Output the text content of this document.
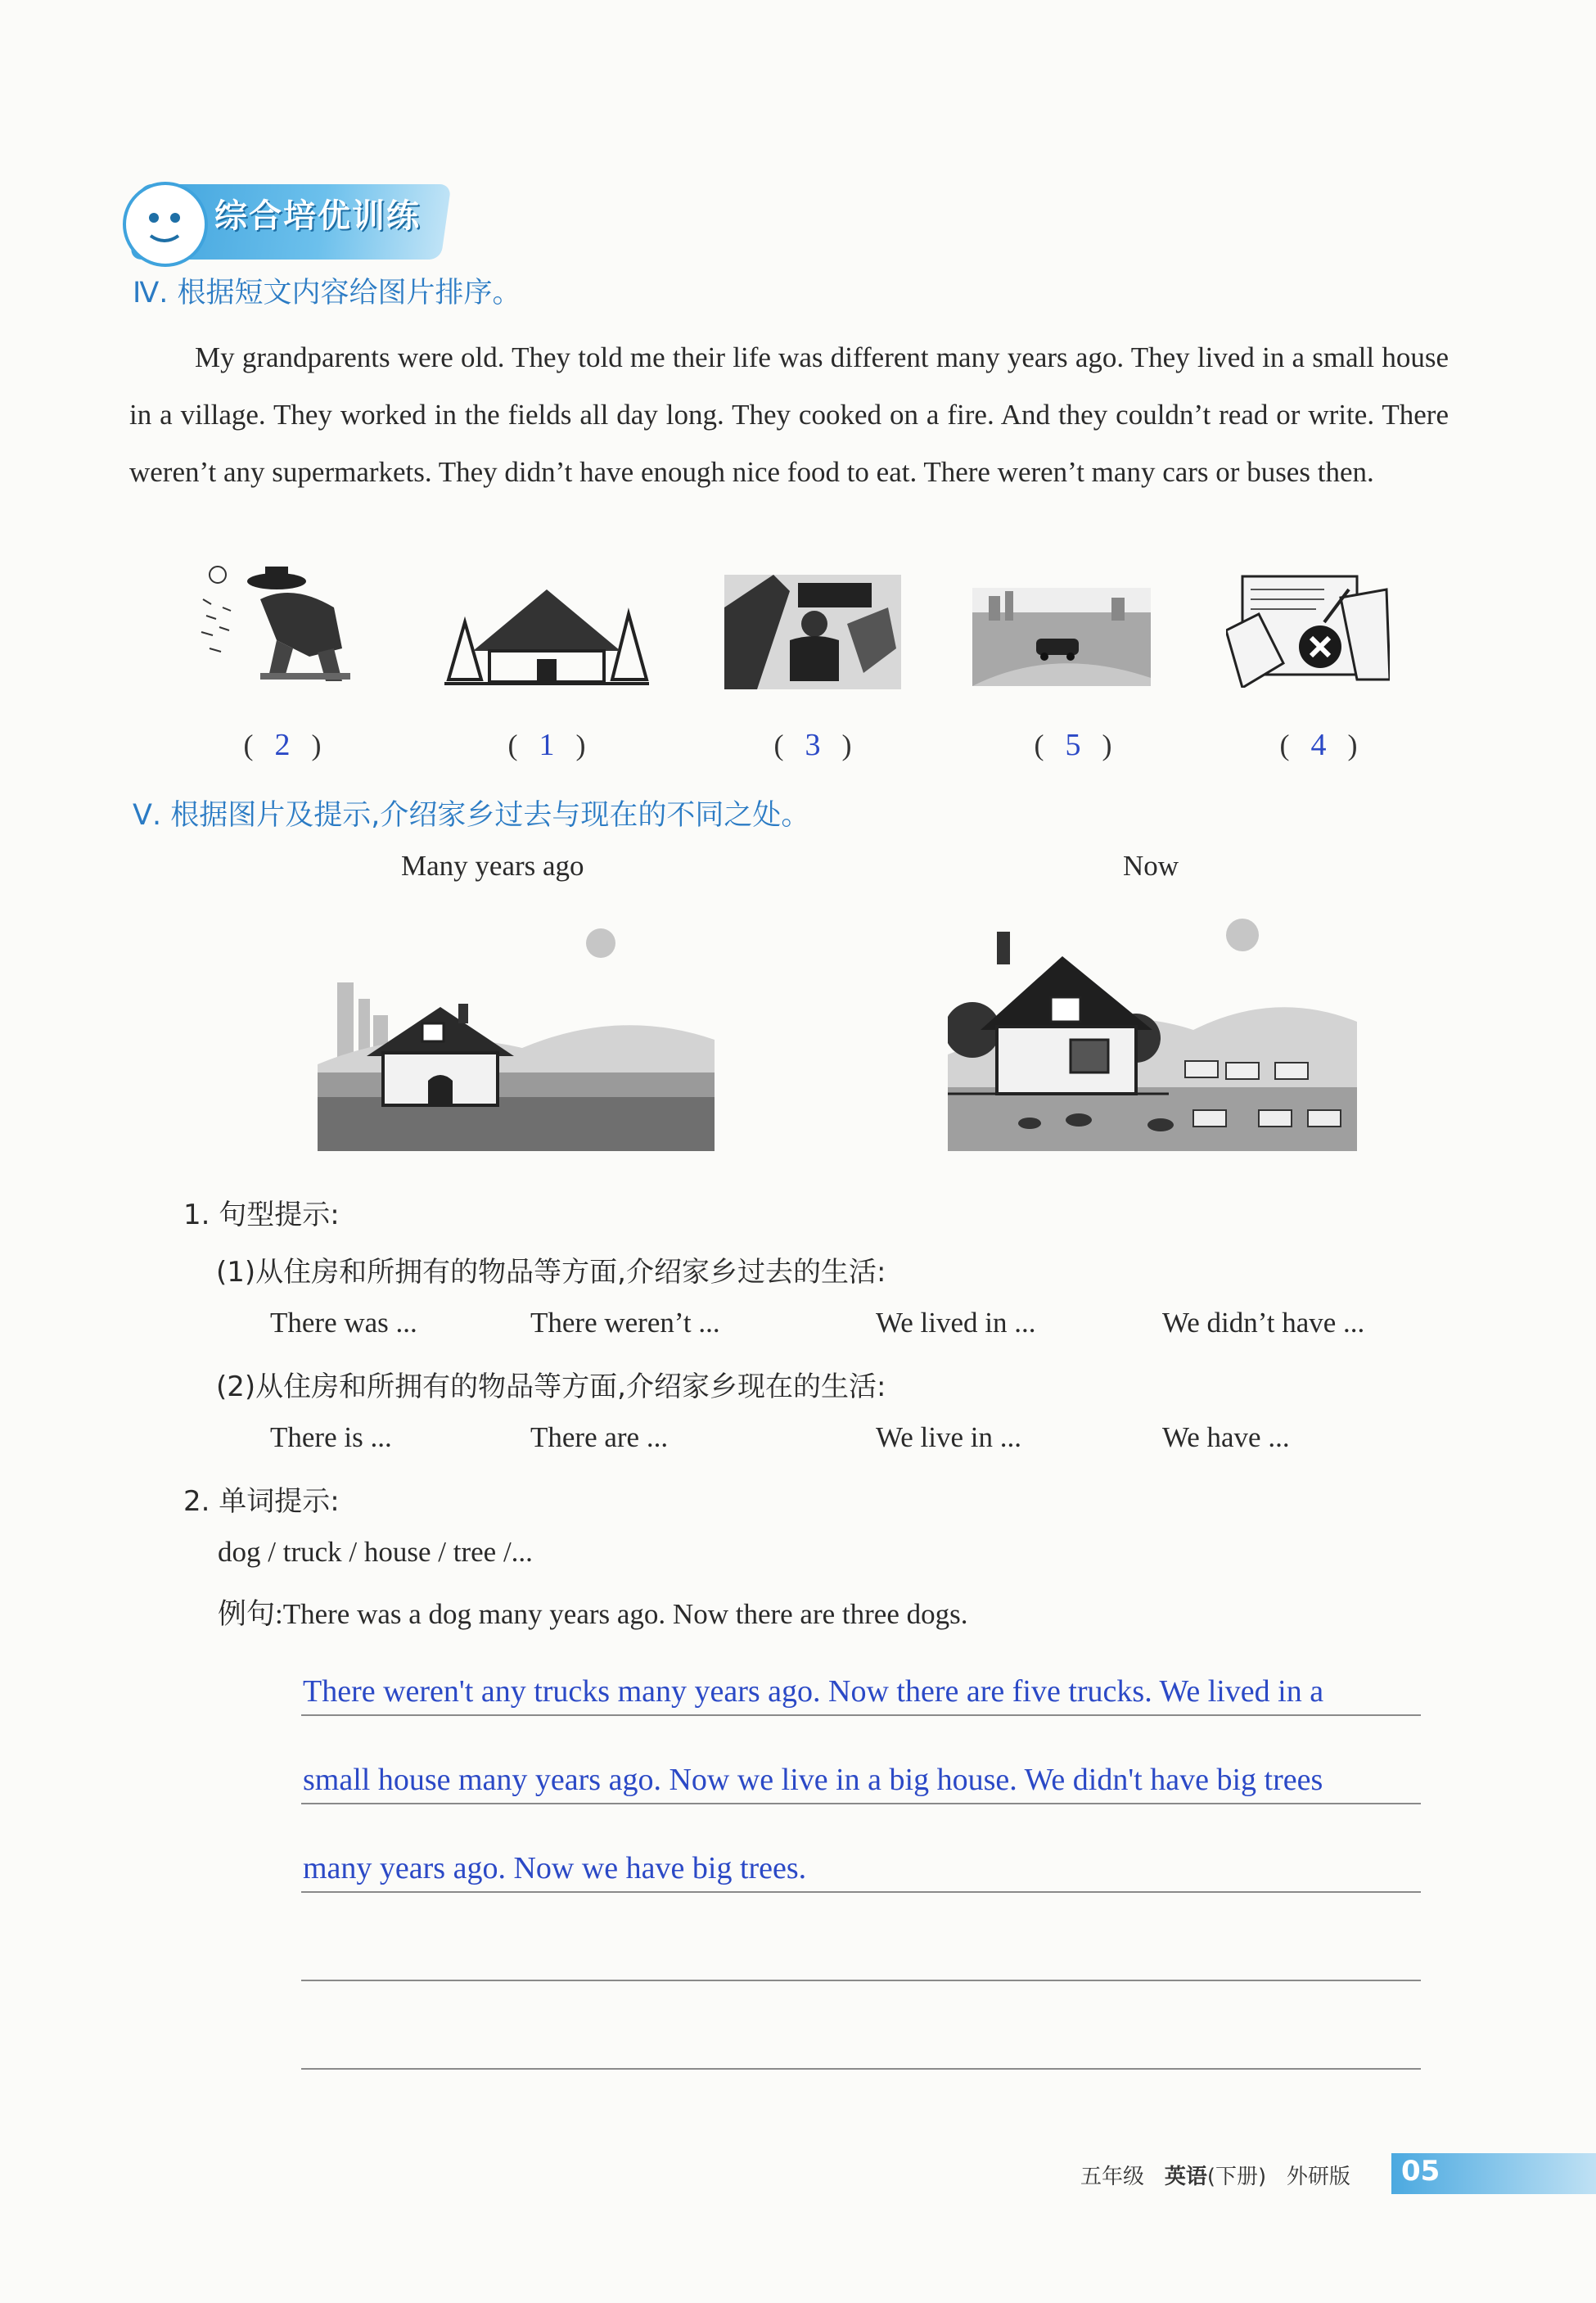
综合培优训练
Ⅳ. 根据短文内容给图片排序。
My grandparents were old. They told me their life was different many years ago. They lived in a small house in a village. They worked in the fields all day long. They cooked on a fire. And they couldn’t read or write. There weren’t any supermarkets. They didn’t have enough nice food to eat. There weren’t many cars or buses then.
( 2 )	( 1 )	( 3 )	( 5 )	( 4 )
Ⅴ. 根据图片及提示,介绍家乡过去与现在的不同之处。
Many years ago	Now
1. 句型提示:
(1)从住房和所拥有的物品等方面,介绍家乡过去的生活:
There was ...	There weren’t ...	We lived in ...	We didn’t have ...
(2)从住房和所拥有的物品等方面,介绍家乡现在的生活:
There is ...	There are ...	We live in ...	We have ...
2. 单词提示:
dog / truck / house / tree /...
例句:There was a dog many years ago. Now there are three dogs.
There weren't any trucks many years ago. Now there are five trucks. We lived in a
small house many years ago. Now we live in a big house. We didn't have big trees
many years ago. Now we have big trees.
五年级 英语(下册) 外研版 05
